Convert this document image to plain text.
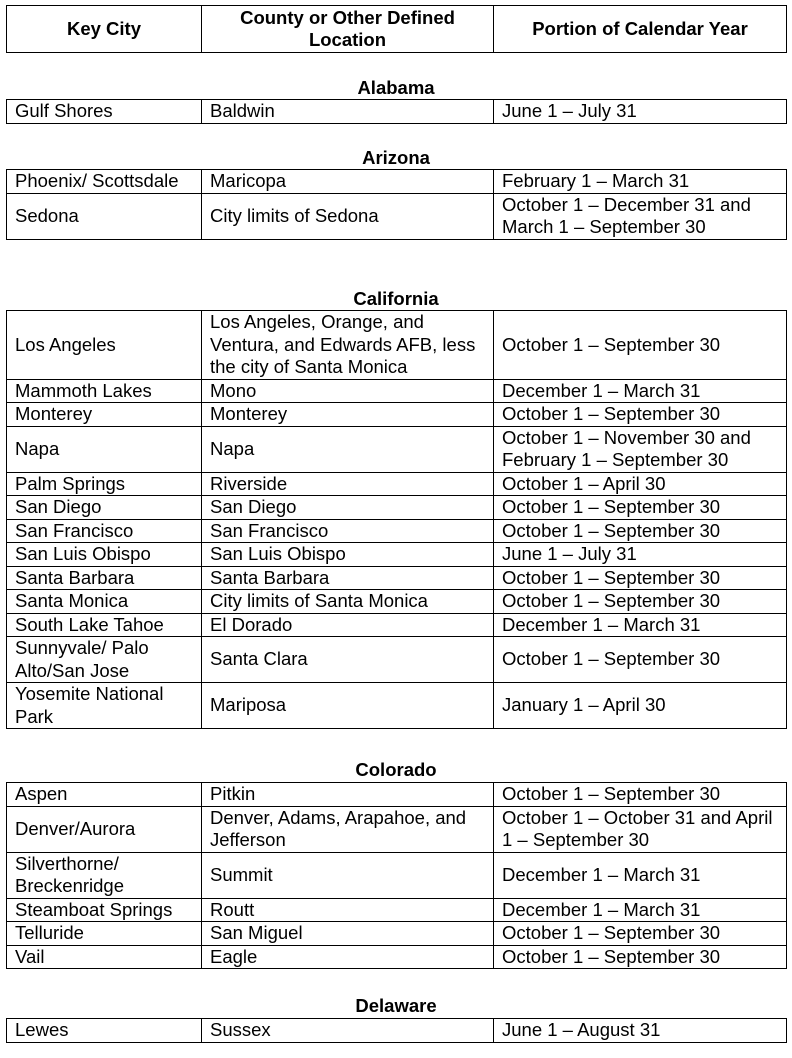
Key City	County or Other Defined Location	Portion of Calendar Year
Alabama
Gulf Shores	Baldwin	June 1 – July 31
Arizona
Phoenix/ Scottsdale	Maricopa	February 1 – March 31
Sedona	City limits of Sedona	October 1 – December 31 and March 1 – September 30
California
Los Angeles	Los Angeles, Orange, and Ventura, and Edwards AFB, less the city of Santa Monica	October 1 – September 30
Mammoth Lakes	Mono	December 1 – March 31
Monterey	Monterey	October 1 – September 30
Napa	Napa	October 1 – November 30 and February 1 – September 30
Palm Springs	Riverside	October 1 – April 30
San Diego	San Diego	October 1 – September 30
San Francisco	San Francisco	October 1 – September 30
San Luis Obispo	San Luis Obispo	June 1 – July 31
Santa Barbara	Santa Barbara	October 1 – September 30
Santa Monica	City limits of Santa Monica	October 1 – September 30
South Lake Tahoe	El Dorado	December 1 – March 31
Sunnyvale/ Palo Alto/San Jose	Santa Clara	October 1 – September 30
Yosemite National Park	Mariposa	January 1 – April 30
Colorado
Aspen	Pitkin	October 1 – September 30
Denver/Aurora	Denver, Adams, Arapahoe, and Jefferson	October 1 – October 31 and April 1 – September 30
Silverthorne/ Breckenridge	Summit	December 1 – March 31
Steamboat Springs	Routt	December 1 – March 31
Telluride	San Miguel	October 1 – September 30
Vail	Eagle	October 1 – September 30
Delaware
Lewes	Sussex	June 1 – August 31
